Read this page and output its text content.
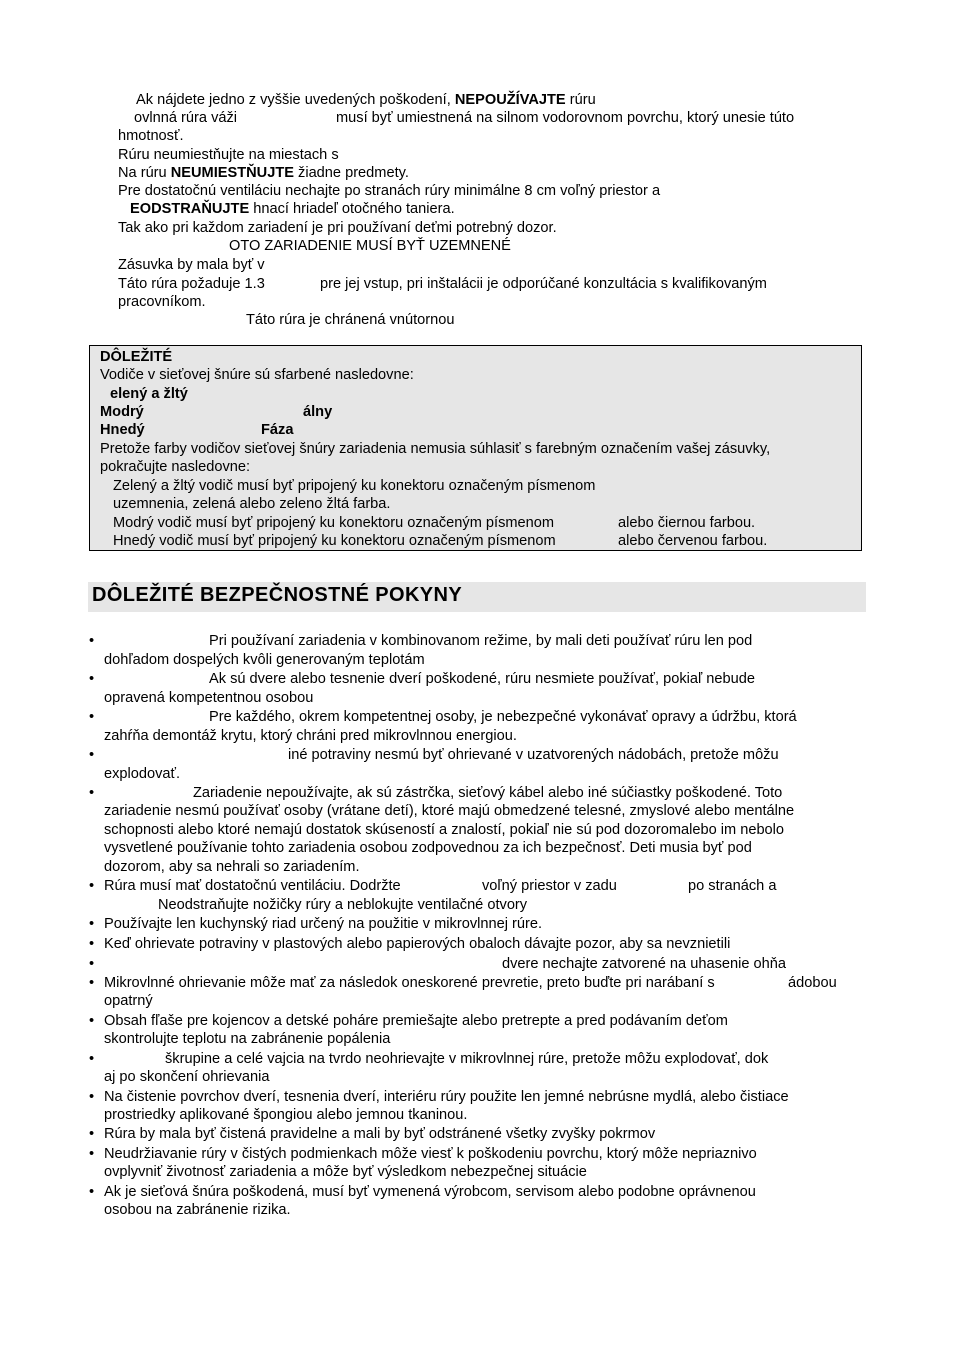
Ak nájdete jedno z vyššie uvedených poškodení, NEPOUŽÍVAJTE rúru
ovlnná rúra váži	musí byť umiestnená na silnom vodorovnom povrchu, ktorý unesie túto
hmotnosť.
Rúru neumiestňujte na miestach s
Na rúru NEUMIESTŇUJTE žiadne predmety.
Pre dostatočnú ventiláciu nechajte po stranách rúry minimálne 8 cm voľný priestor a
EODSTRAŇUJTE hnací hriadeľ otočného taniera.
Tak ako pri každom zariadení je pri používaní deťmi potrebný dozor.
OTO ZARIADENIE MUSÍ BYŤ UZEMNENÉ
Zásuvka by mala byť v
Táto rúra požaduje 1.3	pre jej vstup, pri inštalácii je odporúčané konzultácia s kvalifikovaným
pracovníkom.
Táto rúra je chránená vnútornou
DÔLEŽITÉ
Vodiče v sieťovej šnúre sú sfarbené nasledovne:
elený a žltý
Modrý	álny
Hnedý	Fáza
Pretože farby vodičov sieťovej šnúry zariadenia nemusia súhlasiť s farebným označením vašej zásuvky,
pokračujte nasledovne:
Zelený a žltý vodič musí byť pripojený ku konektoru označeným písmenom
uzemnenia, zelená alebo zeleno žltá farba.
Modrý vodič musí byť pripojený ku konektoru označeným písmenom	alebo čiernou farbou.
Hnedý vodič musí byť pripojený ku konektoru označeným písmenom	alebo červenou farbou.
DÔLEŽITÉ BEZPEČNOSTNÉ POKYNY
•	Pri používaní zariadenia v kombinovanom režime, by mali deti používať rúru len pod
dohľadom dospelých kvôli generovaným teplotám
•	Ak sú dvere alebo tesnenie dverí poškodené, rúru nesmiete používať, pokiaľ nebude
opravená kompetentnou osobou
•	Pre každého, okrem kompetentnej osoby, je nebezpečné vykonávať opravy a údržbu, ktorá
zahŕňa demontáž krytu, ktorý chráni pred mikrovlnnou energiou.
•	iné potraviny nesmú byť ohrievané v uzatvorených nádobách, pretože môžu
explodovať.
•	Zariadenie nepoužívajte, ak sú zástrčka, sieťový kábel alebo iné súčiastky poškodené. Toto
zariadenie nesmú používať osoby (vrátane detí), ktoré majú obmedzené telesné, zmyslové alebo mentálne
schopnosti alebo ktoré nemajú dostatok skúseností a znalostí, pokiaľ nie sú pod dozoromalebo im nebolo
vysvetlené používanie tohto zariadenia osobou zodpovednou za ich bezpečnosť. Deti musia byť pod
dozorom, aby sa nehrali so zariadením.
• Rúra musí mať dostatočnú ventiláciu. Dodržte	voľný priestor v zadu	po stranách a
Neodstraňujte nožičky rúry a neblokujte ventilačné otvory
• Používajte len kuchynský riad určený na použitie v mikrovlnnej rúre.
• Keď ohrievate potraviny v plastových alebo papierových obaloch dávajte pozor, aby sa nevznietili
•	dvere nechajte zatvorené na uhasenie ohňa
• Mikrovlnné ohrievanie môže mať za následok oneskorené prevretie, preto buďte pri narábaní s	ádobou
opatrný
• Obsah fľaše pre kojencov a detské poháre premiešajte alebo pretrepte a pred podávaním deťom
skontrolujte teplotu na zabránenie popálenia
•	škrupine a celé vajcia na tvrdo neohrievajte v mikrovlnnej rúre, pretože môžu explodovať, dok
aj po skončení ohrievania
• Na čistenie povrchov dverí, tesnenia dverí, interiéru rúry použite len jemné nebrúsne mydlá, alebo čistiace
prostriedky aplikované špongiou alebo jemnou tkaninou.
• Rúra by mala byť čistená pravidelne a mali by byť odstránené všetky zvyšky pokrmov
• Neudržiavanie rúry v čistých podmienkach môže viesť k poškodeniu povrchu, ktorý môže nepriaznivo
ovplyvniť životnosť zariadenia a môže byť výsledkom nebezpečnej situácie
• Ak je sieťová šnúra poškodená, musí byť vymenená výrobcom, servisom alebo podobne oprávnenou
osobou na zabránenie rizika.
